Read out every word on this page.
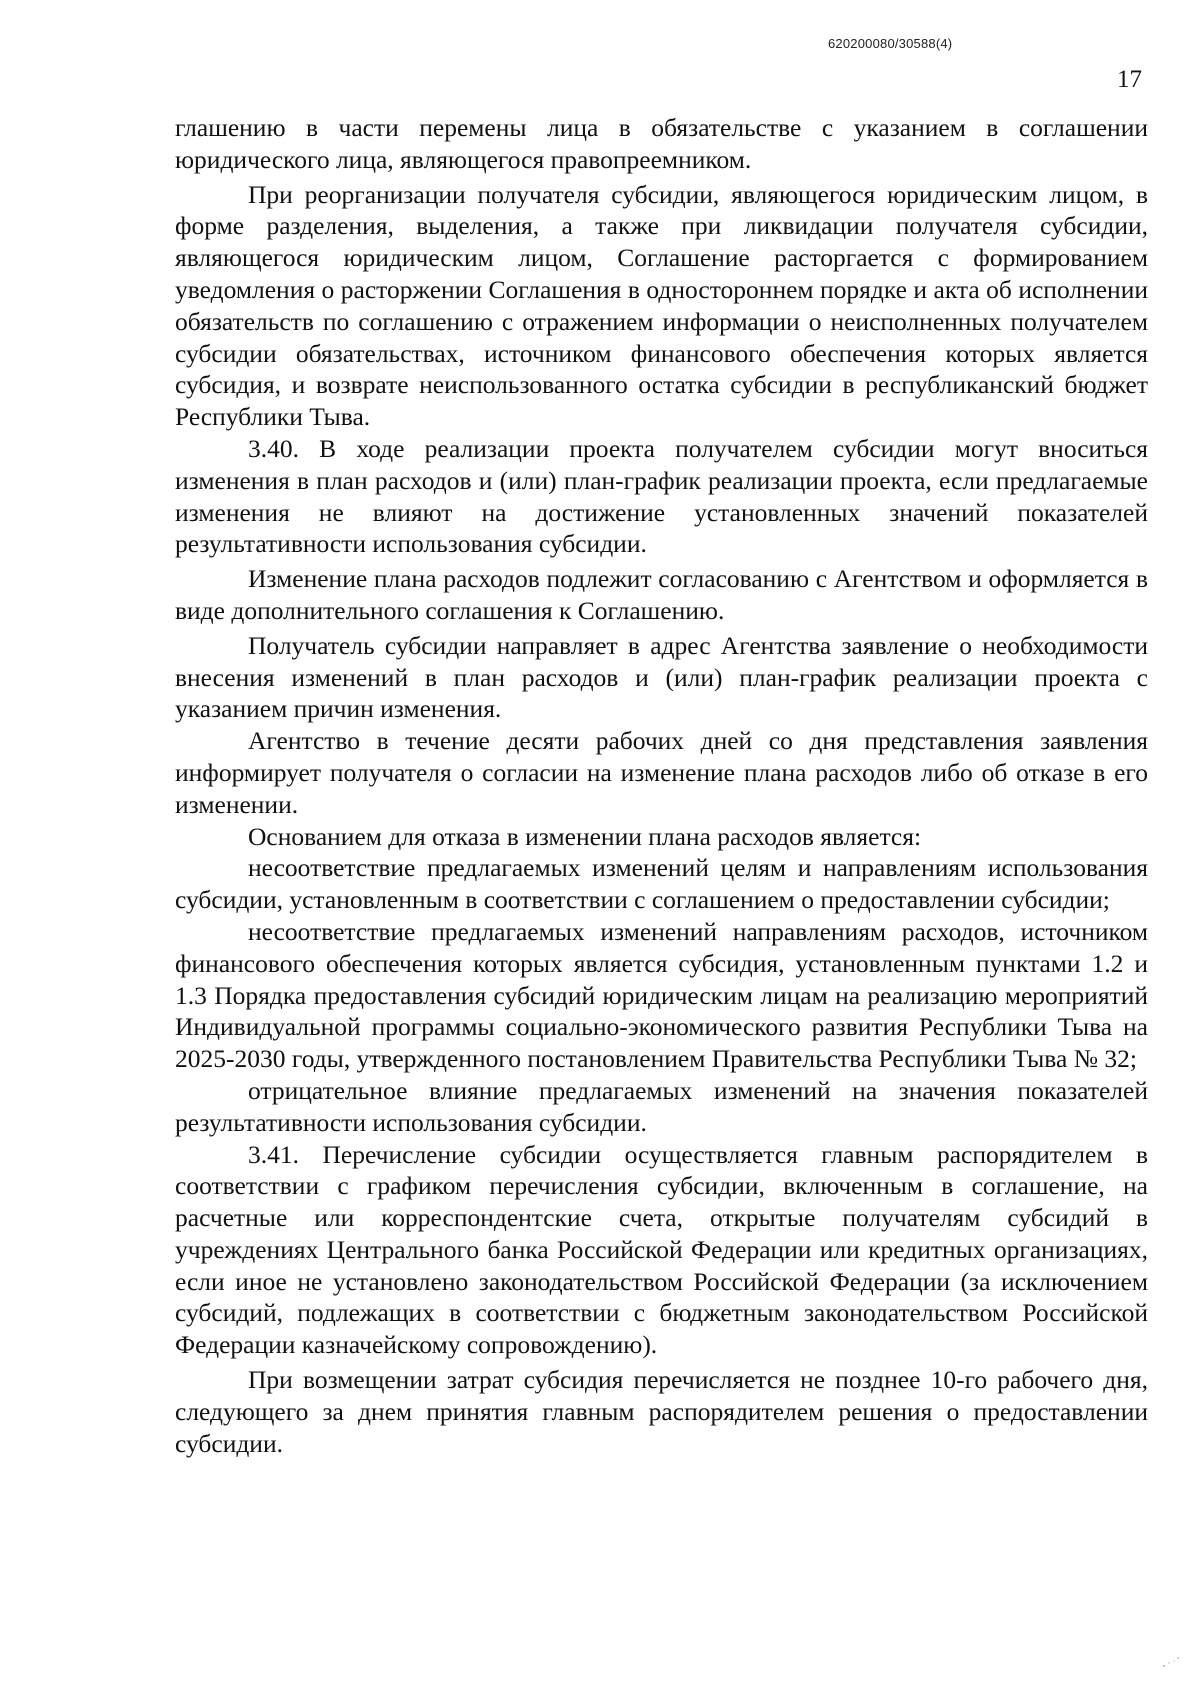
620200080/30588(4)
17

глашению в части перемены лица в обязательстве с указанием в соглашении юридического лица, являющегося правопреемником.

При реорганизации получателя субсидии, являющегося юридическим лицом, в форме разделения, выделения, а также при ликвидации получателя субсидии, являющегося юридическим лицом, Соглашение расторгается с формированием уведомления о расторжении Соглашения в одностороннем порядке и акта об исполнении обязательств по соглашению с отражением информации о неисполненных получателем субсидии обязательствах, источником финансового обеспечения которых является субсидия, и возврате неиспользованного остатка субсидии в республиканский бюджет Республики Тыва.

3.40. В ходе реализации проекта получателем субсидии могут вноситься изменения в план расходов и (или) план-график реализации проекта, если предлагаемые изменения не влияют на достижение установленных значений показателей результативности использования субсидии.

Изменение плана расходов подлежит согласованию с Агентством и оформляется в виде дополнительного соглашения к Соглашению.

Получатель субсидии направляет в адрес Агентства заявление о необходимости внесения изменений в план расходов и (или) план-график реализации проекта с указанием причин изменения.

Агентство в течение десяти рабочих дней со дня представления заявления информирует получателя о согласии на изменение плана расходов либо об отказе в его изменении.

Основанием для отказа в изменении плана расходов является:

несоответствие предлагаемых изменений целям и направлениям использования субсидии, установленным в соответствии с соглашением о предоставлении субсидии;

несоответствие предлагаемых изменений направлениям расходов, источником финансового обеспечения которых является субсидия, установленным пунктами 1.2 и 1.3 Порядка предоставления субсидий юридическим лицам на реализацию мероприятий Индивидуальной программы социально-экономического развития Республики Тыва на 2025-2030 годы, утвержденного постановлением Правительства Республики Тыва № 32;

отрицательное влияние предлагаемых изменений на значения показателей результативности использования субсидии.

3.41. Перечисление субсидии осуществляется главным распорядителем в соответствии с графиком перечисления субсидии, включенным в соглашение, на расчетные или корреспондентские счета, открытые получателям субсидий в учреждениях Центрального банка Российской Федерации или кредитных организациях, если иное не установлено законодательством Российской Федерации (за исключением субсидий, подлежащих в соответствии с бюджетным законодательством Российской Федерации казначейскому сопровождению).

При возмещении затрат субсидия перечисляется не позднее 10-го рабочего дня, следующего за днем принятия главным распорядителем решения о предоставлении субсидии.
